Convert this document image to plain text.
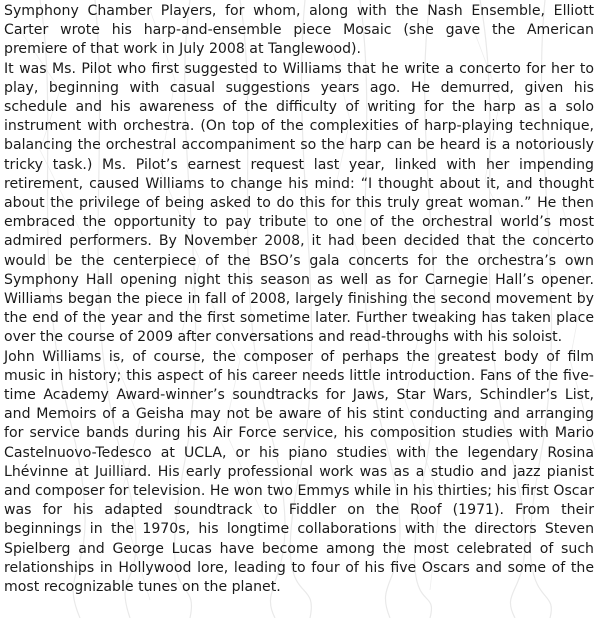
Symphony Chamber Players, for whom, along with the Nash Ensemble, Elliott Carter wrote his harp-and-ensemble piece Mosaic (she gave the American premiere of that work in July 2008 at Tanglewood).

It was Ms. Pilot who first suggested to Williams that he write a concerto for her to play, beginning with casual suggestions years ago. He demurred, given his schedule and his awareness of the difficulty of writing for the harp as a solo instrument with orchestra. (On top of the complexities of harp-playing technique, balancing the orchestral accompaniment so the harp can be heard is a notoriously tricky task.) Ms. Pilot’s earnest request last year, linked with her impending retirement, caused Williams to change his mind: “I thought about it, and thought about the privilege of being asked to do this for this truly great woman.” He then embraced the opportunity to pay tribute to one of the orchestral world’s most admired performers. By November 2008, it had been decided that the concerto would be the centerpiece of the BSO’s gala concerts for the orchestra’s own Symphony Hall opening night this season as well as for Carnegie Hall’s opener. Williams began the piece in fall of 2008, largely finishing the second movement by the end of the year and the first sometime later. Further tweaking has taken place over the course of 2009 after conversations and read-throughs with his soloist.

John Williams is, of course, the composer of perhaps the greatest body of film music in history; this aspect of his career needs little introduction. Fans of the five-time Academy Award-winner’s soundtracks for Jaws, Star Wars, Schindler’s List, and Memoirs of a Geisha may not be aware of his stint conducting and arranging for service bands during his Air Force service, his composition studies with Mario Castelnuovo-Tedesco at UCLA, or his piano studies with the legendary Rosina Lhévinne at Juilliard. His early professional work was as a studio and jazz pianist and composer for television. He won two Emmys while in his thirties; his first Oscar was for his adapted soundtrack to Fiddler on the Roof (1971). From their beginnings in the 1970s, his longtime collaborations with the directors Steven Spielberg and George Lucas have become among the most celebrated of such relationships in Hollywood lore, leading to four of his five Oscars and some of the most recognizable tunes on the planet.
